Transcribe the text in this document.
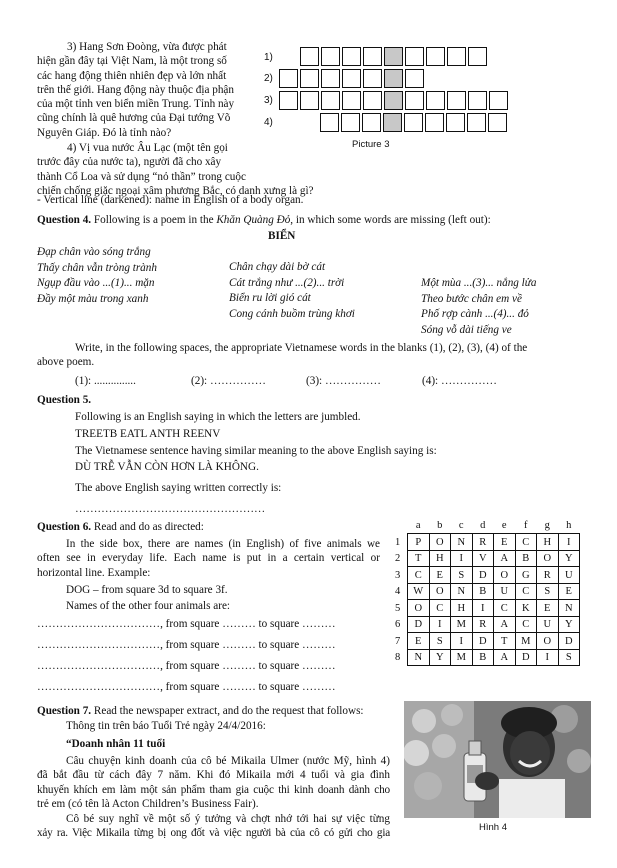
3) Hang Sơn Đoòng, vừa được phát
hiện gần đây tại Việt Nam, là một trong số
các hang động thiên nhiên đẹp và lớn nhất
trên thế giới. Hang động này thuộc địa phận
của một tỉnh ven biển miền Trung. Tỉnh này
cũng chính là quê hương của Đại tướng Võ
Nguyên Giáp. Đó là tỉnh nào?
4) Vị vua nước Âu Lạc (một tên gọi
trước đây của nước ta), người đã cho xây
thành Cổ Loa và sử dụng “nỏ thần” trong cuộc
chiến chống giặc ngoại xâm phương Bắc, có danh xưng là gì?
- Vertical line (darkened): name in English of a body organ.
1)
2)
3)
4)
Picture 3
Question 4. Following is a poem in the Khăn Quàng Đỏ, in which some words are missing (left out):
BIỂN
Đạp chân vào sóng trắng
Thấy chân vẫn tròng trành
Ngụp đầu vào ...(1)... mặn
Đầy một màu trong xanh
Chân chạy dài bờ cát
Cát trắng như ...(2)... trời
Biển ru lời gió cát
Cong cánh buồm trùng khơi
Một mùa ...(3)... nắng lửa
Theo bước chân em về
Phố rợp cành ...(4)... đỏ
Sóng vỗ dài tiếng ve
Write, in the following spaces, the appropriate Vietnamese words in the blanks (1), (2), (3), (4) of the
above poem.
(1): ...............	(2): ……………	(3): ……………	(4): ……………
Question 5.
Following is an English saying in which the letters are jumbled.
TREETB EATL ANTH REENV
The Vietnamese sentence having similar meaning to the above English saying is:
DÙ TRỄ VẪN CÒN HƠN LÀ KHÔNG.
The above English saying written correctly is:
……………………………………………
Question 6. Read and do as directed:
In the side box, there are names (in English) of five animals we
often see in everyday life. Each name is put in a certain vertical or
horizontal line. Example:
DOG – from square 3d to square 3f.
Names of the other four animals are:
……………………………, from square ……… to square ………
……………………………, from square ……… to square ………
……………………………, from square ……… to square ………
……………………………, from square ……… to square ………
	a	b	c	d	e	f	g	h
1	P	O	N	R	E	C	H	I
2	T	H	I	V	A	B	O	Y
3	C	E	S	D	O	G	R	U
4	W	O	N	B	U	C	S	E
5	O	C	H	I	C	K	E	N
6	D	I	M	R	A	C	U	Y
7	E	S	I	D	T	M	O	D
8	N	Y	M	B	A	D	I	S
Question 7. Read the newspaper extract, and do the request that follows:
Thông tin trên báo Tuổi Trẻ ngày 24/4/2016:
“Doanh nhân 11 tuổi
Câu chuyện kinh doanh của cô bé Mikaila Ulmer (nước Mỹ, hình 4)
đã bắt đầu từ cách đây 7 năm. Khi đó Mikaila mới 4 tuổi và gia đình
khuyến khích em làm một sản phẩm tham gia cuộc thi kinh doanh dành cho
trẻ em (có tên là Acton Children’s Business Fair).
Cô bé suy nghĩ về một số ý tưởng và chợt nhớ tới hai sự việc từng
xảy ra. Việc Mikaila từng bị ong đốt và việc người bà của cô có gửi cho gia	Hình 4
